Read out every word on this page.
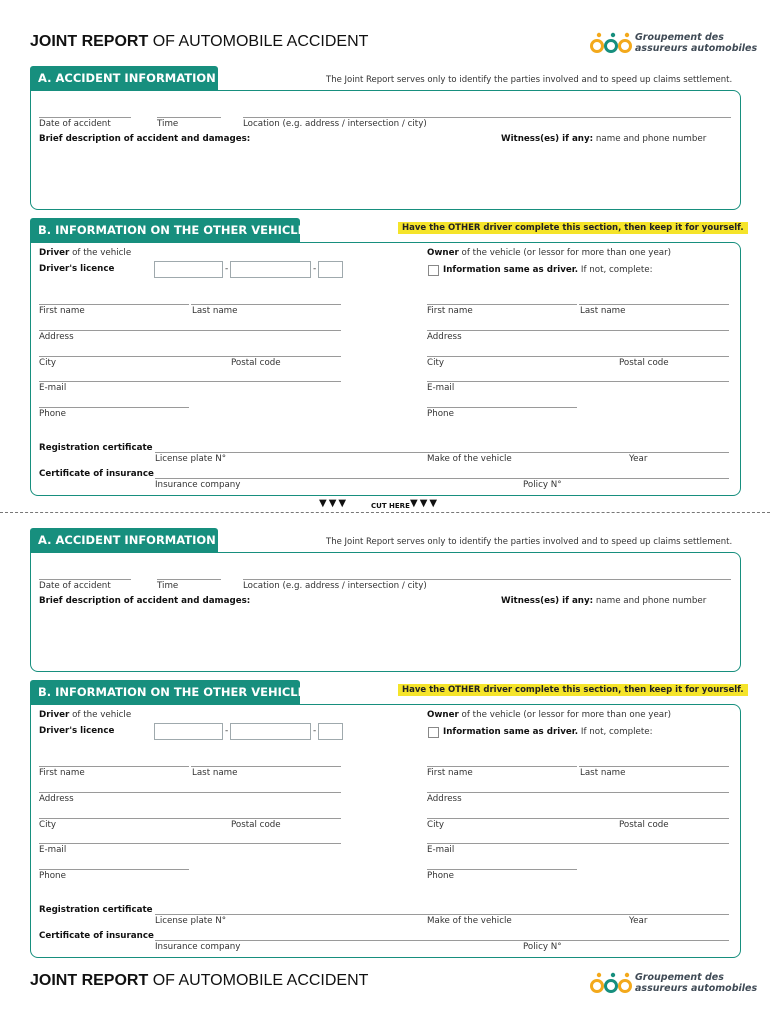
JOINT REPORT OF AUTOMOBILE ACCIDENT	Groupement des
assureurs automobiles
A. ACCIDENT INFORMATION	The Joint Report serves only to identify the parties involved and to speed up claims settlement.
Date of accident	Time	Location (e.g. address / intersection / city)
Brief description of accident and damages:	Witness(es) if any: name and phone number
B. INFORMATION ON THE OTHER VEHICLE	Have the OTHER driver complete this section, then keep it for yourself.
Driver of the vehicle
Driver's licence	-	-
Owner of the vehicle (or lessor for more than one year)
Information same as driver. If not, complete:
First name	Last name
Address
City	Postal code
E-mail
Phone
First name	Last name
Address
City	Postal code
E-mail
Phone
Registration certificate
License plate N°	Make of the vehicle	Year
Certificate of insurance
Insurance company	Policy N°
▼▼▼	CUT HERE ▼▼▼
A. ACCIDENT INFORMATION	The Joint Report serves only to identify the parties involved and to speed up claims settlement.
Date of accident	Time	Location (e.g. address / intersection / city)
Brief description of accident and damages:	Witness(es) if any: name and phone number
B. INFORMATION ON THE OTHER VEHICLE	Have the OTHER driver complete this section, then keep it for yourself.
Driver of the vehicle
Driver's licence	-	-
Owner of the vehicle (or lessor for more than one year)
Information same as driver. If not, complete:
First name	Last name
Address
City	Postal code
E-mail
Phone
First name	Last name
Address
City	Postal code
E-mail
Phone
Registration certificate
License plate N°	Make of the vehicle	Year
Certificate of insurance
Insurance company	Policy N°
JOINT REPORT OF AUTOMOBILE ACCIDENT	Groupement des
assureurs automobiles
